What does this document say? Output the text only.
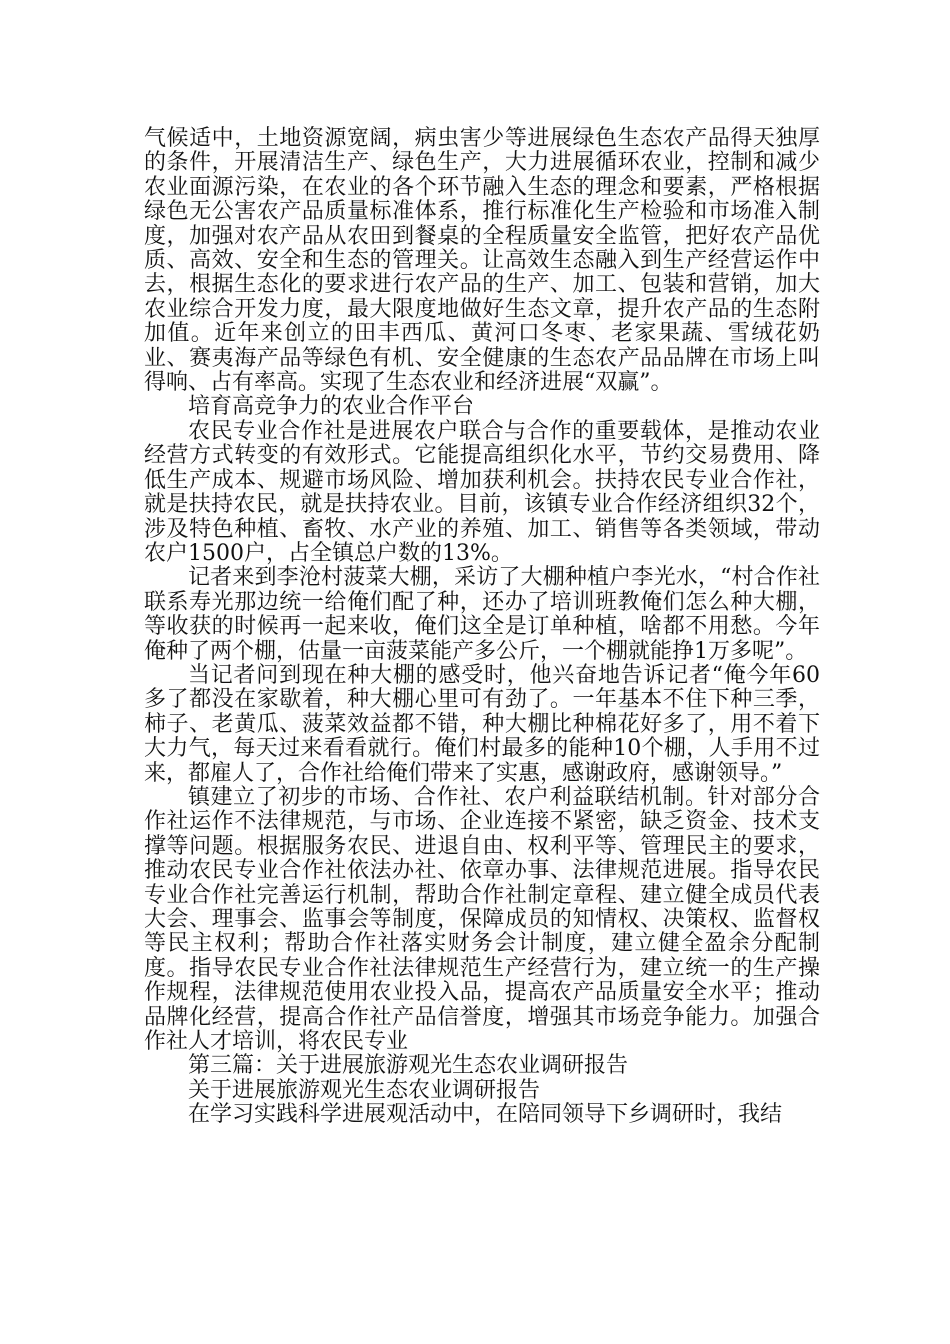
气候适中，土地资源宽阔，病虫害少等进展绿色生态农产品得天独厚的条件，开展清洁生产、绿色生产，大力进展循环农业，控制和减少农业面源污染，在农业的各个环节融入生态的理念和要素，严格根据绿色无公害农产品质量标准体系，推行标准化生产检验和市场准入制度，加强对农产品从农田到餐桌的全程质量安全监管，把好农产品优质、高效、安全和生态的管理关。让高效生态融入到生产经营运作中去，根据生态化的要求进行农产品的生产、加工、包装和营销，加大农业综合开发力度，最大限度地做好生态文章，提升农产品的生态附加值。近年来创立的田丰西瓜、黄河口冬枣、老家果蔬、雪绒花奶业、赛夷海产品等绿色有机、安全健康的生态农产品品牌在市场上叫得响、占有率高。实现了生态农业和经济进展“双赢”。

培育高竞争力的农业合作平台

农民专业合作社是进展农户联合与合作的重要载体，是推动农业经营方式转变的有效形式。它能提高组织化水平，节约交易费用、降低生产成本、规避市场风险、增加获利机会。扶持农民专业合作社，就是扶持农民，就是扶持农业。目前，该镇专业合作经济组织32个，涉及特色种植、畜牧、水产业的养殖、加工、销售等各类领域，带动农户1500户，占全镇总户数的13%。

记者来到李沧村菠菜大棚，采访了大棚种植户李光水，“村合作社联系寿光那边统一给俺们配了种，还办了培训班教俺们怎么种大棚，等收获的时候再一起来收，俺们这全是订单种植，啥都不用愁。今年俺种了两个棚，估量一亩菠菜能产多公斤，一个棚就能挣1万多呢”。

当记者问到现在种大棚的感受时，他兴奋地告诉记者“俺今年60多了都没在家歇着，种大棚心里可有劲了。一年基本不住下种三季，柿子、老黄瓜、菠菜效益都不错，种大棚比种棉花好多了，用不着下大力气，每天过来看看就行。俺们村最多的能种10个棚，人手用不过来，都雇人了，合作社给俺们带来了实惠，感谢政府，感谢领导。”

镇建立了初步的市场、合作社、农户利益联结机制。针对部分合作社运作不法律规范，与市场、企业连接不紧密，缺乏资金、技术支撑等问题。根据服务农民、进退自由、权利平等、管理民主的要求，推动农民专业合作社依法办社、依章办事、法律规范进展。指导农民专业合作社完善运行机制，帮助合作社制定章程、建立健全成员代表大会、理事会、监事会等制度，保障成员的知情权、决策权、监督权等民主权利；帮助合作社落实财务会计制度，建立健全盈余分配制度。指导农民专业合作社法律规范生产经营行为，建立统一的生产操作规程，法律规范使用农业投入品，提高农产品质量安全水平；推动品牌化经营，提高合作社产品信誉度，增强其市场竞争能力。加强合作社人才培训，将农民专业

第三篇：关于进展旅游观光生态农业调研报告

关于进展旅游观光生态农业调研报告

在学习实践科学进展观活动中，在陪同领导下乡调研时，我结
